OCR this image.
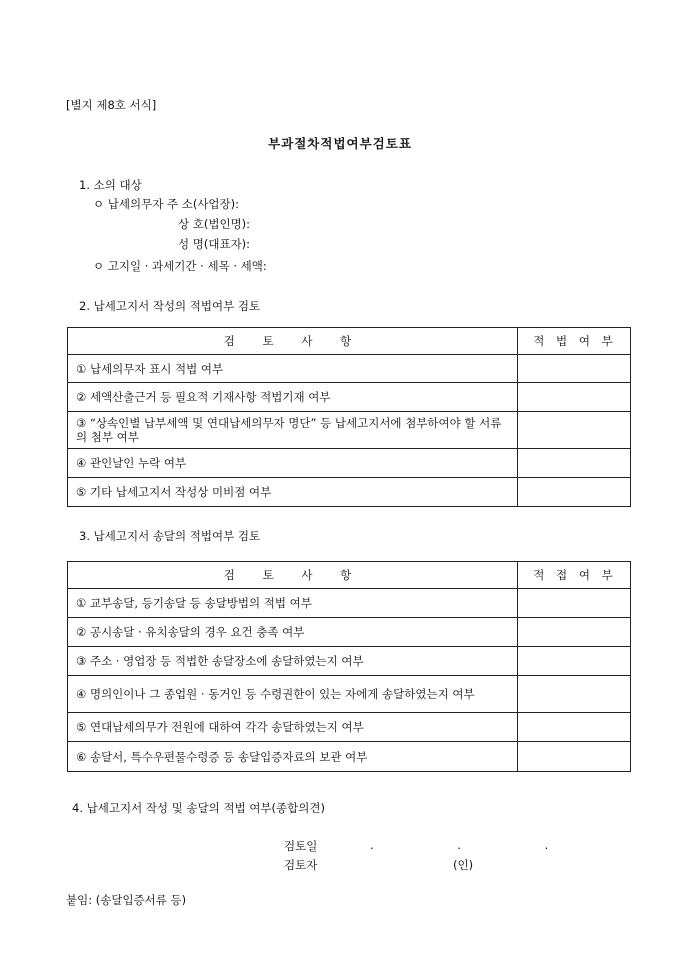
[별지 제8호 서식]
부과절차적법여부검토표
1. 소의 대상
ㅇ 납세의무자 주 소(사업장):
상 호(법인명):
성 명(대표자):
ㅇ 고지일 · 과세기간 · 세목 · 세액:
2. 납세고지서 작성의 적법여부 검토
검 토 사 항	적 법 여 부
① 납세의무자 표시 적법 여부	
② 세액산출근거 등 필요적 기재사항 적법기재 여부	
③ “상속인별 납부세액 및 연대납세의무자 명단” 등 납세고지서에 첨부하여야 할 서류의 첨부 여부	
④ 관인날인 누락 여부	
⑤ 기타 납세고지서 작성상 미비점 여부	
3. 납세고지서 송달의 적법여부 검토
검 토 사 항	적 접 여 부
① 교부송달, 등기송달 등 송달방법의 적법 여부	
② 공시송달 · 유치송달의 경우 요건 충족 여부	
③ 주소 · 영업장 등 적법한 송달장소에 송달하였는지 여부	
④ 명의인이나 그 종업원 · 동거인 등 수령권한이 있는 자에게 송달하였는지 여부	
⑤ 연대납세의무가 전원에 대하여 각각 송달하였는지 여부	
⑥ 송달서, 특수우편물수령증 등 송달입증자료의 보관 여부	
4. 납세고지서 작성 및 송달의 적법 여부(종합의견)
검토일	. . .
검토자	(인)
붙임: (송달입증서류 등)
